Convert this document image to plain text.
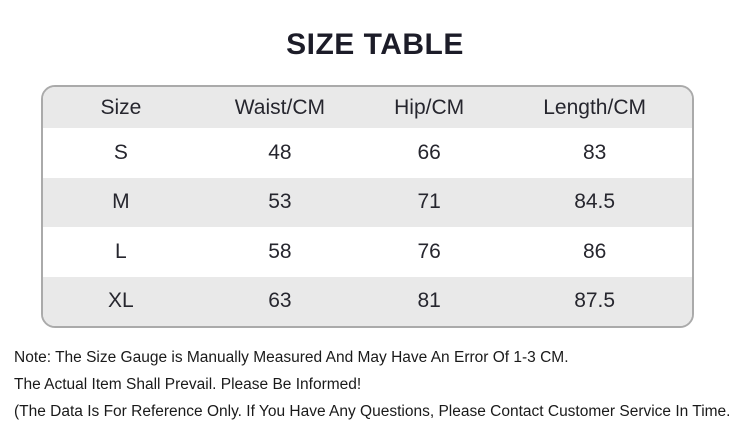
SIZE TABLE
Size	Waist/CM	Hip/CM	Length/CM
S	48	66	83
M	53	71	84.5
L	58	76	86
XL	63	81	87.5
Note: The Size Gauge is Manually Measured And May Have An Error Of 1-3 CM.
The Actual Item Shall Prevail. Please Be Informed!
(The Data Is For Reference Only. If You Have Any Questions, Please Contact Customer Service In Time.
